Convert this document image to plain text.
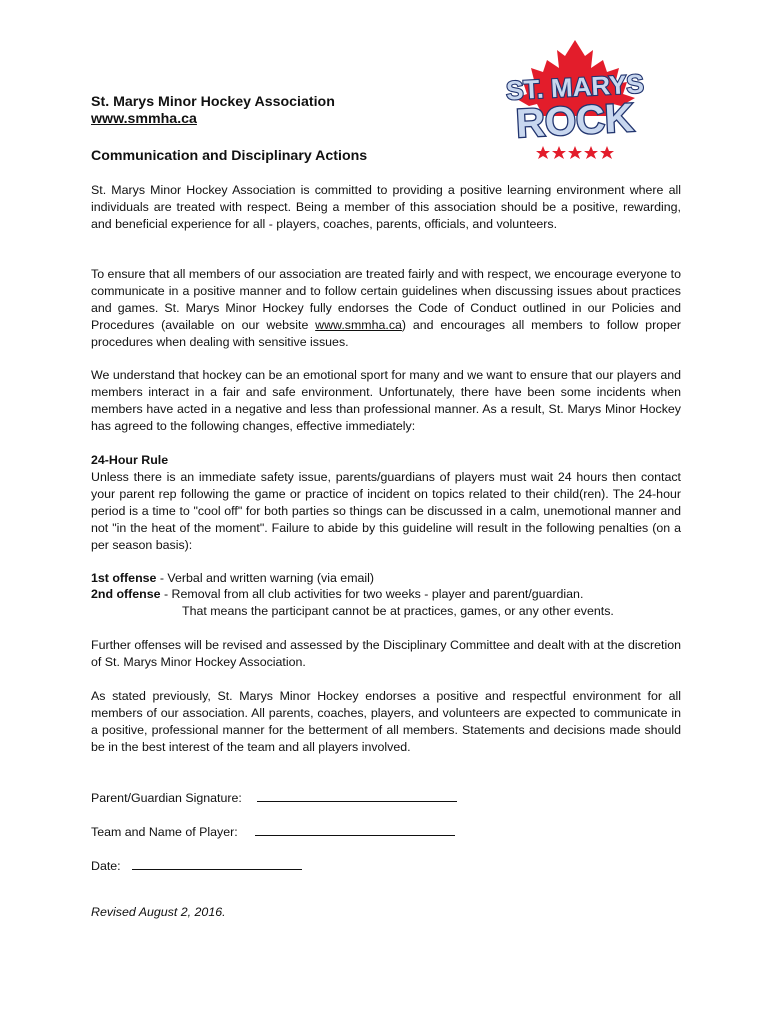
ST. MARYS
ROCK
St. Marys Minor Hockey Association
www.smmha.ca
Communication and Disciplinary Actions

St. Marys Minor Hockey Association is committed to providing a positive learning environment where all individuals are treated with respect. Being a member of this association should be a positive, rewarding, and beneficial experience for all - players, coaches, parents, officials, and volunteers.

To ensure that all members of our association are treated fairly and with respect, we encourage everyone to communicate in a positive manner and to follow certain guidelines when discussing issues about practices and games. St. Marys Minor Hockey fully endorses the Code of Conduct outlined in our Policies and Procedures (available on our website www.smmha.ca) and encourages all members to follow proper procedures when dealing with sensitive issues.

We understand that hockey can be an emotional sport for many and we want to ensure that our players and members interact in a fair and safe environment. Unfortunately, there have been some incidents when members have acted in a negative and less than professional manner. As a result, St. Marys Minor Hockey has agreed to the following changes, effective immediately:

24-Hour Rule

Unless there is an immediate safety issue, parents/guardians of players must wait 24 hours then contact your parent rep following the game or practice of incident on topics related to their child(ren). The 24-hour period is a time to "cool off" for both parties so things can be discussed in a calm, unemotional manner and not "in the heat of the moment". Failure to abide by this guideline will result in the following penalties (on a per season basis):

1st offense - Verbal and written warning (via email)
2nd offense - Removal from all club activities for two weeks - player and parent/guardian.
That means the participant cannot be at practices, games, or any other events.

Further offenses will be revised and assessed by the Disciplinary Committee and dealt with at the discretion of St. Marys Minor Hockey Association.

As stated previously, St. Marys Minor Hockey endorses a positive and respectful environment for all members of our association. All parents, coaches, players, and volunteers are expected to communicate in a positive, professional manner for the betterment of all members. Statements and decisions made should be in the best interest of the team and all players involved.

Parent/Guardian Signature:
Team and Name of Player:
Date:
Revised August 2, 2016.
